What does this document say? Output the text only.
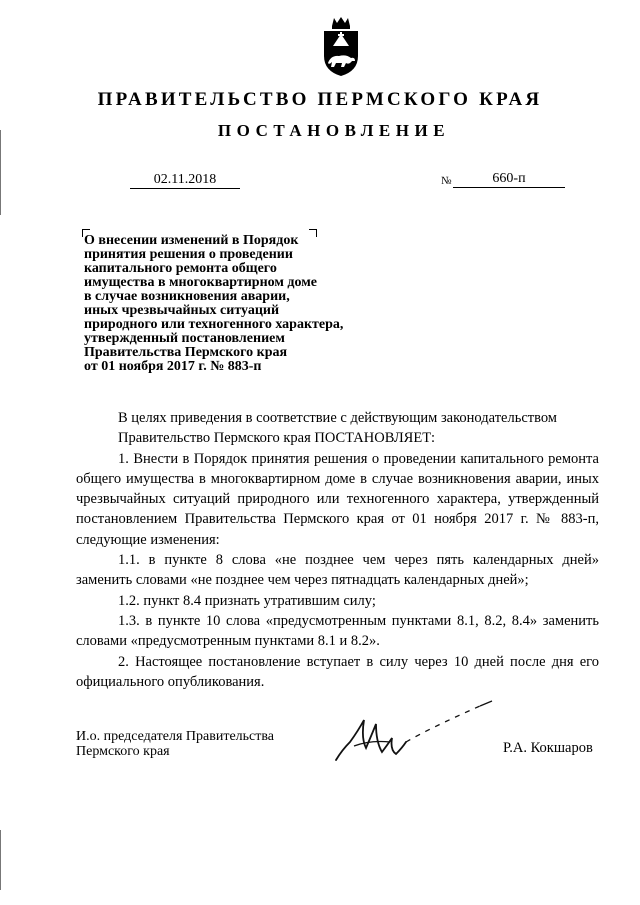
ПРАВИТЕЛЬСТВО ПЕРМСКОГО КРАЯ
ПОСТАНОВЛЕНИЕ
02.11.2018	№	660-п
О внесении изменений в Порядок
принятия решения о проведении
капитального ремонта общего
имущества в многоквартирном доме
в случае возникновения аварии,
иных чрезвычайных ситуаций
природного или техногенного характера,
утвержденный постановлением
Правительства Пермского края
от 01 ноября 2017 г. № 883-п

В целях приведения в соответствие с действующим законодательством

Правительство Пермского края ПОСТАНОВЛЯЕТ:

1. Внести в Порядок принятия решения о проведении капитального ремонта общего имущества в многоквартирном доме в случае возникновения аварии, иных чрезвычайных ситуаций природного или техногенного характера, утвержденный постановлением Правительства Пермского края от 01 ноября 2017 г. № 883-п, следующие изменения:

1.1. в пункте 8 слова «не позднее чем через пять календарных дней» заменить словами «не позднее чем через пятнадцать календарных дней»;

1.2. пункт 8.4 признать утратившим силу;

1.3. в пункте 10 слова «предусмотренным пунктами 8.1, 8.2, 8.4» заменить словами «предусмотренным пунктами 8.1 и 8.2».

2. Настоящее постановление вступает в силу через 10 дней после дня его официального опубликования.

И.о. председателя Правительства
Пермского края	Р.А. Кокшаров
